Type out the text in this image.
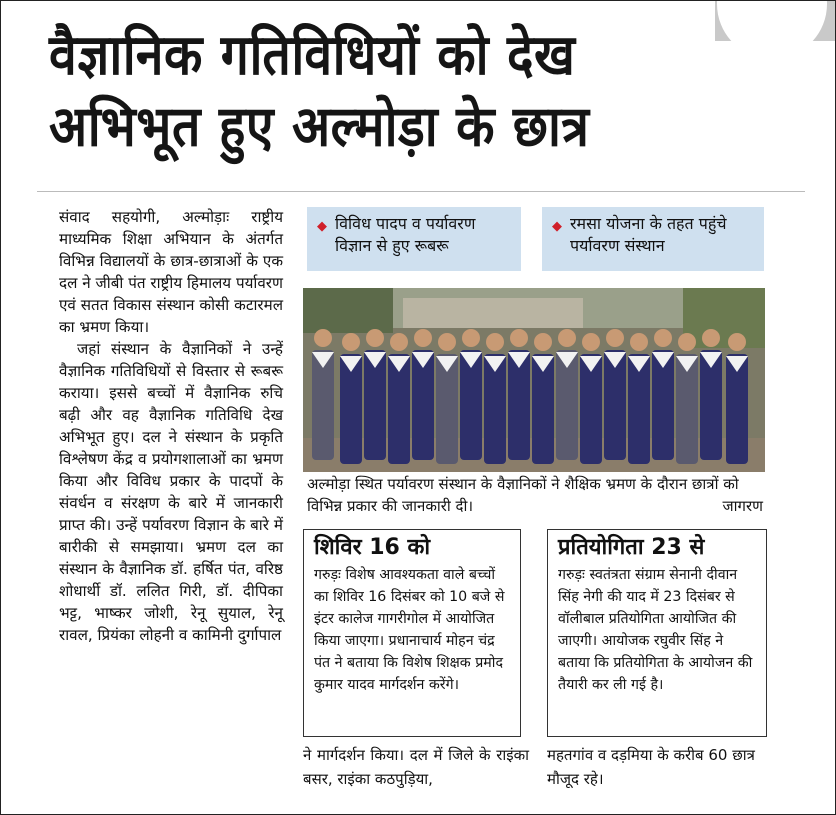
वैज्ञानिक गतिविधियों को देख
अभिभूत हुए अल्मोड़ा के छात्र

संवाद सहयोगी, अल्मोड़ाः राष्ट्रीय माध्यमिक शिक्षा अभियान के अंतर्गत विभिन्न विद्यालयों के छात्र-छात्राओं के एक दल ने जीबी पंत राष्ट्रीय हिमालय पर्यावरण एवं सतत विकास संस्थान कोसी कटारमल का भ्रमण किया।

जहां संस्थान के वैज्ञानिकों ने उन्हें वैज्ञानिक गतिविधियों से विस्तार से रूबरू कराया। इससे बच्चों में वैज्ञानिक रुचि बढ़ी और वह वैज्ञानिक गतिविधि देख अभिभूत हुए। दल ने संस्थान के प्रकृति विश्लेषण केंद्र व प्रयोगशालाओं का भ्रमण किया और विविध प्रकार के पादपों के संवर्धन व संरक्षण के बारे में जानकारी प्राप्त की। उन्हें पर्यावरण विज्ञान के बारे में बारीकी से समझाया। भ्रमण दल का संस्थान के वैज्ञानिक डॉ. हर्षित पंत, वरिष्ठ शोधार्थी डॉ. ललित गिरी, डॉ. दीपिका भट्ट, भाष्कर जोशी, रेनू सुयाल, रेनू रावल, प्रियंका लोहनी व कामिनी दुर्गापाल

◆ विविध पादप व पर्यावरण विज्ञान से हुए रूबरू
◆ रमसा योजना के तहत पहुंचे पर्यावरण संस्थान
अल्मोड़ा स्थित पर्यावरण संस्थान के वैज्ञानिकों ने शैक्षिक भ्रमण के दौरान छात्रों को विभिन्न प्रकार की जानकारी दी।	जागरण
शिविर 16 को
गरुड़ः विशेष आवश्यकता वाले बच्चों का शिविर 16 दिसंबर को 10 बजे से इंटर कालेज गागरीगोल में आयोजित किया जाएगा। प्रधानाचार्य मोहन चंद्र पंत ने बताया कि विशेष शिक्षक प्रमोद कुमार यादव मार्गदर्शन करेंगे।
प्रतियोगिता 23 से
गरुड़ः स्वतंत्रता संग्राम सेनानी दीवान सिंह नेगी की याद में 23 दिसंबर से वॉलीबाल प्रतियोगिता आयोजित की जाएगी। आयोजक रघुवीर सिंह ने बताया कि प्रतियोगिता के आयोजन की तैयारी कर ली गई है।
ने मार्गदर्शन किया। दल में जिले के राइंका बसर, राइंका कठपुड़िया,
महतगांव व दड़मिया के करीब 60 छात्र मौजूद रहे।
